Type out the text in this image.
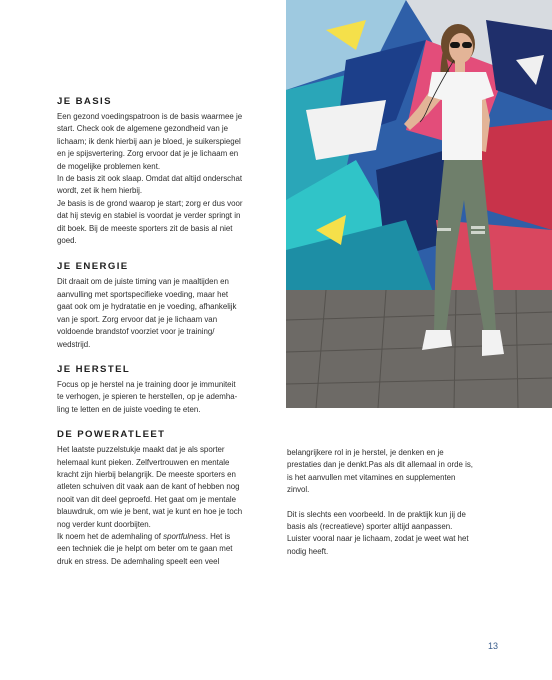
JE BASIS

Een gezond voedingspatroon is de basis waarmee je
start. Check ook de algemene gezondheid van je
lichaam; ik denk hierbij aan je bloed, je suikerspiegel
en je spijsvertering. Zorg ervoor dat je je lichaam en
de mogelijke problemen kent.
In de basis zit ook slaap. Omdat dat altijd onderschat
wordt, zet ik hem hierbij.
Je basis is de grond waarop je start; zorg er dus voor
dat hij stevig en stabiel is voordat je verder springt in
dit boek. Bij de meeste sporters zit de basis al niet
goed.

JE ENERGIE

Dit draait om de juiste timing van je maaltijden en
aanvulling met sportspecifieke voeding, maar het
gaat ook om je hydratatie en je voeding, afhankelijk
van je sport. Zorg ervoor dat je je lichaam van
voldoende brandstof voorziet voor je training/
wedstrijd.

JE HERSTEL

Focus op je herstel na je training door je immuniteit
te verhogen, je spieren te herstellen, op je ademha-
ling te letten en de juiste voeding te eten.

DE POWERATLEET

Het laatste puzzelstukje maakt dat je als sporter
helemaal kunt pieken. Zelfvertrouwen en mentale
kracht zijn hierbij belangrijk. De meeste sporters en
atleten schuiven dit vaak aan de kant of hebben nog
nooit van dit deel geproefd. Het gaat om je mentale
blauwdruk, om wie je bent, wat je kunt en hoe je toch
nog verder kunt doorbijten.
Ik noem het de ademhaling of sportfulness. Het is
een techniek die je helpt om beter om te gaan met
druk en stress. De ademhaling speelt een veel

belangrijkere rol in je herstel, je denken en je
prestaties dan je denkt.Pas als dit allemaal in orde is,
is het aanvullen met vitamines en supplementen
zinvol.

Dit is slechts een voorbeeld. In de praktijk kun jij de
basis als (recreatieve) sporter altijd aanpassen.
Luister vooral naar je lichaam, zodat je weet wat het
nodig heeft.

13
